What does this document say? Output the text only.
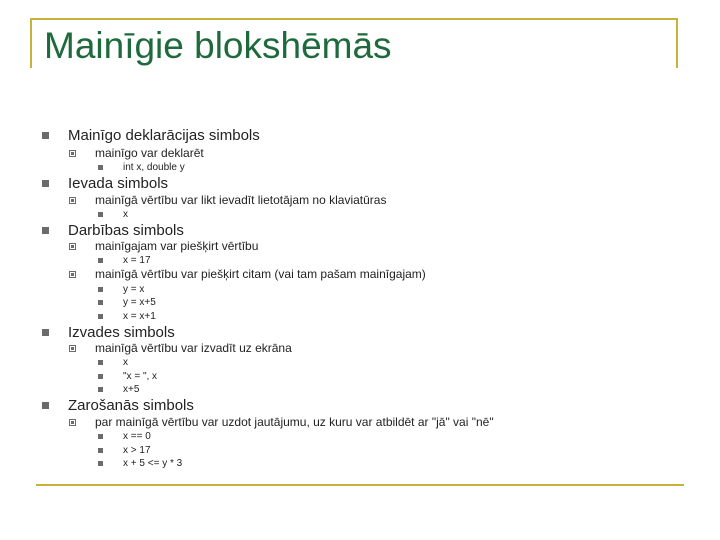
Mainīgie blokshēmās
Mainīgo deklarācijas simbols
mainīgo var deklarēt
int x, double y
Ievada simbols
mainīgā vērtību var likt ievadīt lietotājam no klaviatūras
x
Darbības simbols
mainīgajam var piešķirt vērtību
x = 17
mainīgā vērtību var piešķirt citam (vai tam pašam mainīgajam)
y = x
y = x+5
x = x+1
Izvades simbols
mainīgā vērtību var izvadīt uz ekrāna
x
"x = ", x
x+5
Zarošanās simbols
par mainīgā vērtību var uzdot jautājumu, uz kuru var atbildēt ar "jā" vai "nē"
x == 0
x > 17
x + 5 <= y * 3
